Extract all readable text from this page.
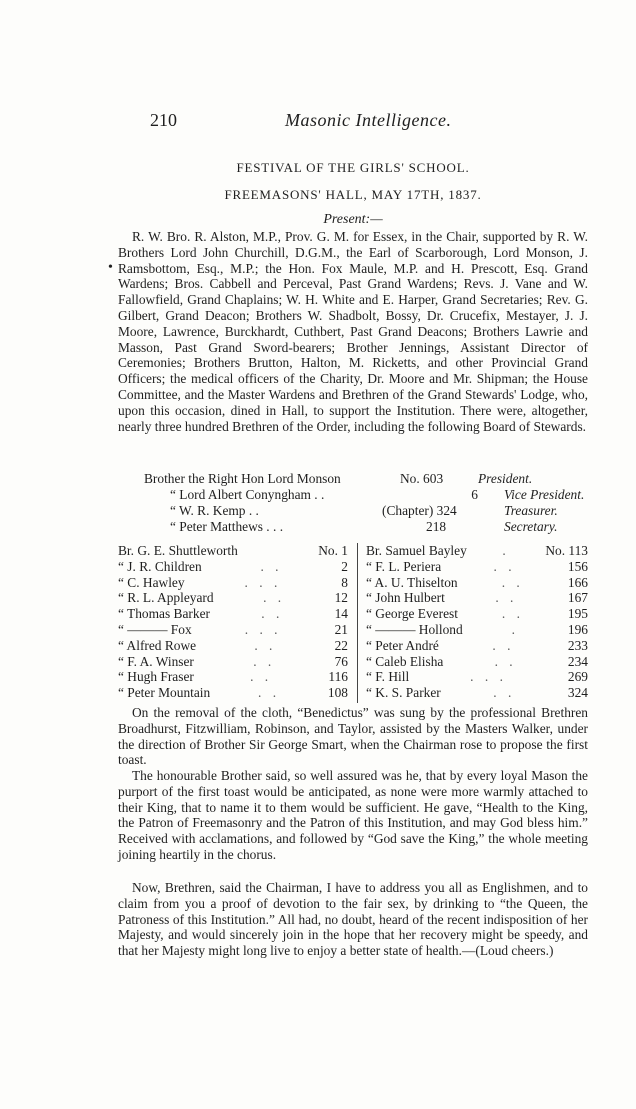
210	Masonic Intelligence.
FESTIVAL OF THE GIRLS' SCHOOL.
FREEMASONS' HALL, MAY 17TH, 1837.
Present:—
•

R. W. Bro. R. Alston, M.P., Prov. G. M. for Essex, in the Chair, supported by R. W. Brothers Lord John Churchill, D.G.M., the Earl of Scarborough, Lord Monson, J. Ramsbottom, Esq., M.P.; the Hon. Fox Maule, M.P. and H. Prescott, Esq. Grand Wardens; Bros. Cabbell and Perceval, Past Grand Wardens; Revs. J. Vane and W. Fallowfield, Grand Chaplains; W. H. White and E. Harper, Grand Secretaries; Rev. G. Gilbert, Grand Deacon; Brothers W. Shadbolt, Bossy, Dr. Crucefix, Mestayer, J. J. Moore, Lawrence, Burckhardt, Cuthbert, Past Grand Deacons; Brothers Lawrie and Masson, Past Grand Sword-bearers; Brother Jennings, Assistant Director of Ceremonies; Brothers Brutton, Halton, M. Ricketts, and other Provincial Grand Officers; the medical officers of the Charity, Dr. Moore and Mr. Shipman; the House Committee, and the Master Wardens and Brethren of the Grand Stewards' Lodge, who, upon this occasion, dined in Hall, to support the Institution. There were, altogether, nearly three hundred Brethren of the Order, including the following Board of Stewards.

Brother the Right Hon Lord Monson	No. 603	President.
“ Lord Albert Conyngham . .	6	Vice President.
“ W. R. Kemp . .	(Chapter) 324	Treasurer.
“ Peter Matthews . . .	218	Secretary.
Br. G. E. Shuttleworth	No. 1
“ J. R. Children	. .	2
“ C. Hawley	. . .	8
“ R. L. Appleyard	. .	12
“ Thomas Barker	. .	14
“ ——— Fox	. . .	21
“ Alfred Rowe	. .	22
“ F. A. Winser	. .	76
“ Hugh Fraser	. .	116
“ Peter Mountain	. .	108
Br. Samuel Bayley	.	No. 113
“ F. L. Periera	. .	156
“ A. U. Thiselton	. .	166
“ John Hulbert	. .	167
“ George Everest	. .	195
“ ——— Hollond	.	196
“ Peter André	. .	233
“ Caleb Elisha	. .	234
“ F. Hill	. . .	269
“ K. S. Parker	. .	324

On the removal of the cloth, “Benedictus” was sung by the professional Brethren Broadhurst, Fitzwilliam, Robinson, and Taylor, assisted by the Masters Walker, under the direction of Brother Sir George Smart, when the Chairman rose to propose the first toast.

The honourable Brother said, so well assured was he, that by every loyal Mason the purport of the first toast would be anticipated, as none were more warmly attached to their King, that to name it to them would be sufficient. He gave, “Health to the King, the Patron of Freemasonry and the Patron of this Institution, and may God bless him.” Received with acclamations, and followed by “God save the King,” the whole meeting joining heartily in the chorus.

Now, Brethren, said the Chairman, I have to address you all as Englishmen, and to claim from you a proof of devotion to the fair sex, by drinking to “the Queen, the Patroness of this Institution.” All had, no doubt, heard of the recent indisposition of her Majesty, and would sincerely join in the hope that her recovery might be speedy, and that her Majesty might long live to enjoy a better state of health.—(Loud cheers.)
